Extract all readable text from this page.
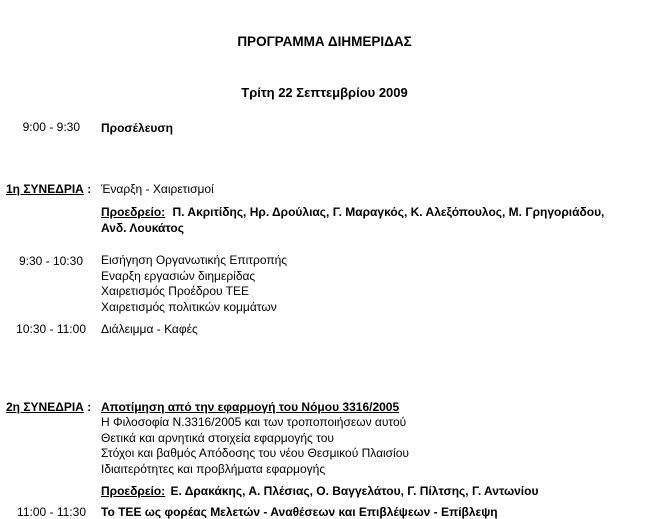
ΠΡΟΓΡΑΜΜΑ ΔΙΗΜΕΡΙΔΑΣ
Τρίτη 22 Σεπτεμβρίου 2009
9:00 - 9:30 Προσέλευση
1η ΣΥΝΕΔΡΙΑ : Έναρξη - Χαιρετισμοί
Προεδρείο: Π. Ακριτίδης, Ηρ. Δρούλιας, Γ. Μαραγκός, Κ. Αλεξόπουλος, Μ. Γρηγοριάδου,
Ανδ. Λουκάτος
9:30 - 10:30 Εισήγηση Οργανωτικής Επιτροπής
Εναρξη εργασιών διημερίδας
Χαιρετισμός Προέδρου ΤΕΕ
Χαιρετισμός πολιτικών κομμάτων
10:30 - 11:00 Διάλειμμα - Καφές
2η ΣΥΝΕΔΡΙΑ : Αποτίμηση από την εφαρμογή του Νόμου 3316/2005
Η Φιλοσοφία Ν.3316/2005 και των τροποποιήσεων αυτού
Θετικά και αρνητικά στοιχεία εφαρμογής του
Στόχοι και βαθμός Απόδοσης του νέου Θεσμικού Πλαισίου
Ιδιαιτερότητες και προβλήματα εφαρμογής
Προεδρείο: Ε. Δρακάκης, Α. Πλέσιας, Ο. Βαγγελάτου, Γ. Πίλτσης, Γ. Αντωνίου
11:00 - 11:30 Το ΤΕΕ ως φορέας Μελετών - Αναθέσεων και Επιβλέψεων - Επίβλεψη
